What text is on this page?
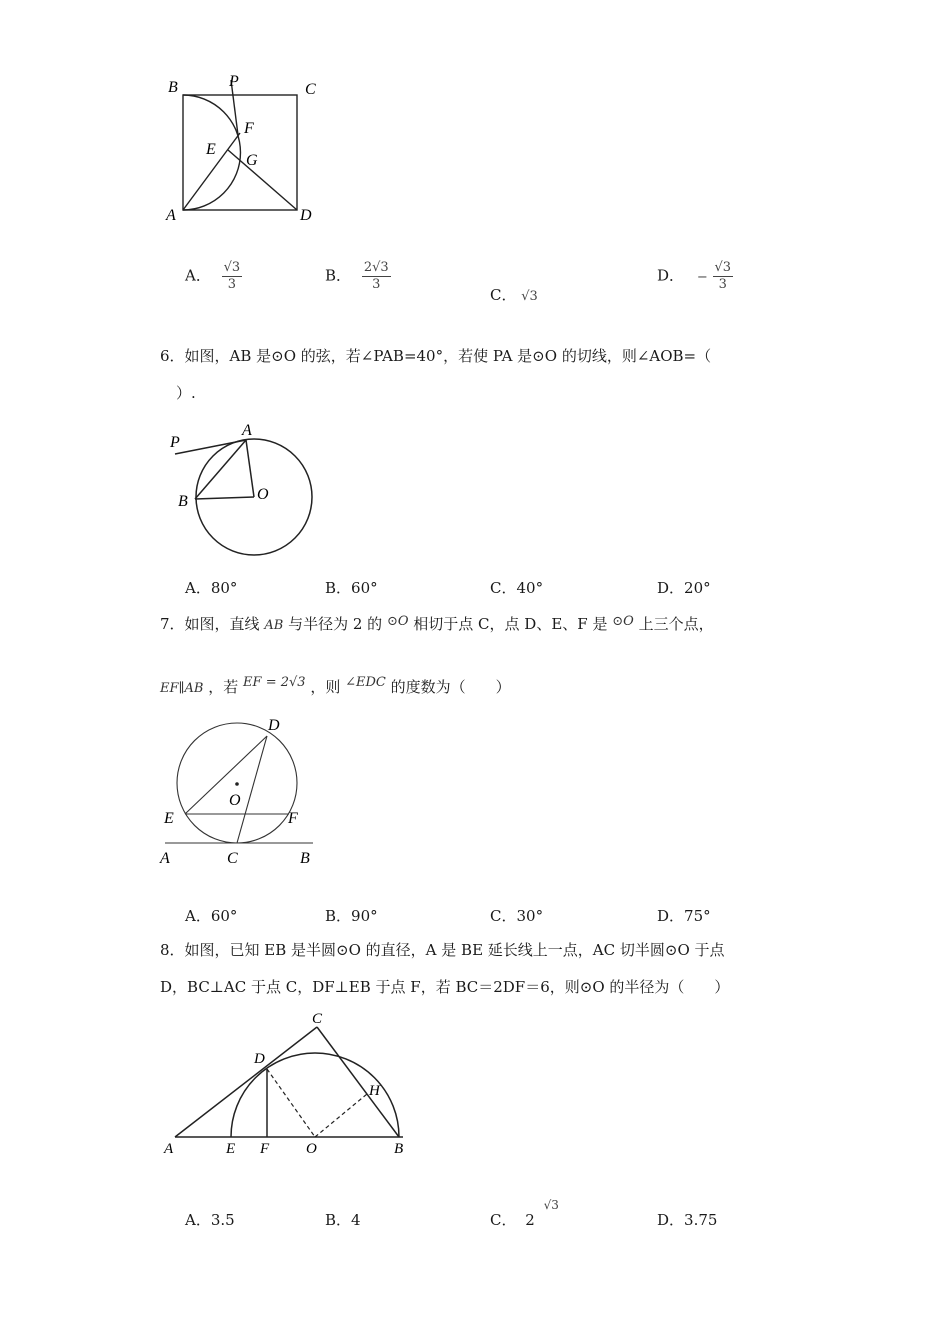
B	P	C
F
E
G
A	D
A． $\frac{√3}{3}$	B． $\frac{2√3}{3}$
C． √3
D． − $\frac{√3}{3}$
6．如图，AB 是⊙O 的弦，若∠PAB=40°，若使 PA 是⊙O 的切线，则∠AOB=（
）.
P
A
B	O
A．80°	B．60°	C．40°	D．20°
7．如图，直线 AB 与半径为 2 的 ⊙O 相切于点 C，点 D、E、F 是 ⊙O 上三个点，
EF∥AB ，若 EF = 2√3 ，则 ∠EDC 的度数为（　　）
D
O
E	F
A	C	B
A．60°	B．90°	C．30°	D．75°
8．如图，已知 EB 是半圆⊙O 的直径，A 是 BE 延长线上一点，AC 切半圆⊙O 于点
D，BC⊥AC 于点 C，DF⊥EB 于点 F，若 BC＝2DF＝6，则⊙O 的半径为（　　）
C
D
H
A	E F O	B
A．3.5	B．4	C． 2 $^{√3}$
D．3.75
